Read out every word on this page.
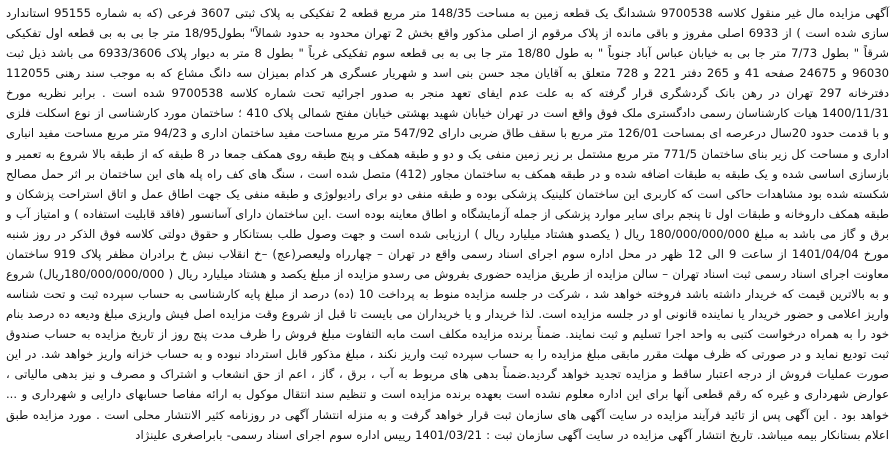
آگهی مزایده مال غیر منقول کلاسه 9700538 ششدانگ یک قطعه زمین به مساحت 148/35 متر مربع قطعه 2 تفکیکی به پلاک ثبتی 3607 فرعی (که به شماره 95155 استاندارد سازی شده است ) از 6933 اصلی مفروز و باقی مانده از پلاک مرقوم از اصلی مذکور واقع بخش 2 تهران محدود به حدود شمالاً" بطول18/95 متر جا بی به بی قطعه اول تفکیکی شرقاً " بطول 7/73 متر جا بی به خیابان عباس آباد جنوباً " به طول 18/80 متر جا بی به بی قطعه سوم تفکیکی غرباً " بطول 8 متر به دیوار پلاک 6933/3606 می باشد ذیل ثبت 96030 و 24675 صفحه 41 و 265 دفتر 221 و 728 متعلق به آقایان مجد حسن بنی اسد و شهریار عسگری هر کدام بمیزان سه دانگ مشاع که به موجب سند رهنی 112055 دفترخانه 297 تهران در رهن بانک گردشگری قرار گرفته که به علت عدم ایفای تعهد منجر به صدور اجرائیه تحت شماره کلاسه 9700538 شده است . برابر نظریه مورخ 1400/11/31 هیات کارشناسان رسمی دادگستری ملک فوق واقع است در تهران خیابان شهید بهشتی خیابان مفتح شمالی پلاک 410 ؛ ساختمان مورد کارشناسی از نوع اسکلت فلزی و با قدمت حدود 20سال درعرصه ای بمساحت 126/01 متر مربع با سقف طاق ضربی دارای 547/92 متر مربع مساحت مفید ساختمان اداری و 94/23 متر مربع مساحت مفید انباری اداری و مساحت کل زیر بنای ساختمان 771/5 متر مربع مشتمل بر زیر زمین منفی یک و دو و طبقه همکف و پنج طبقه روی همکف جمعا در 8 طبقه که از طبقه بالا شروع به تعمیر و بازسازی اساسی شده و یک طبقه به طبقات اضافه شده و در طبقه همکف به ساختمان مجاور (412) متصل شده است ، سنگ های کف راه پله های این ساختمان بر اثر حمل مصالح شکسته شده بود مشاهدات حاکی است که کاربری این ساختمان کلینیک پزشکی بوده و طبقه منفی دو برای رادیولوژی و طبقه منفی یک جهت اطاق عمل و اتاق استراحت پزشکان و طبقه همکف داروخانه و طبقات اول تا پنجم برای سایر موارد پزشکی از جمله آزمایشگاه و اطاق معاینه بوده است .این ساختمان دارای آسانسور (فاقد قابلیت استفاده ) و امتیاز آب و برق و گاز می باشد به مبلغ 180/000/000/000 ریال ( یکصدو هشتاد میلیارد ریال ) ارزیابی شده است و جهت وصول طلب بستانکار و حقوق دولتی کلاسه فوق الذکر در روز شنبه مورخ 1401/04/04 از ساعت 9 الی 12 ظهر در محل اداره سوم اجرای اسناد رسمی واقع در تهران – چهارراه ولیعصر(عج) –خ انقلاب نبش خ برادران مظفر پلاک 919 ساختمان معاونت اجرای اسناد رسمی ثبت اسناد تهران – سالن مزایده از طریق مزایده حضوری بفروش می رسدو مزایده از مبلغ یکصد و هشتاد میلیارد ریال ( 180/000/000/000ریال) شروع و به بالاترین قیمت که خریدار داشته باشد فروخته خواهد شد ، شرکت در جلسه مزایده منوط به پرداخت 10 (ده) درصد از مبلغ پایه کارشناسی به حساب سپرده ثبت و تحت شناسه واریز اعلامی و حضور خریدار یا نماینده قانونی او در جلسه مزایده است. لذا خریدار و یا خریداران می بایست تا قبل از شروع وقت مزایده اصل فیش واریزی مبلغ ودیعه ده درصد بنام خود را به همراه درخواست کتبی به واحد اجرا تسلیم و ثبت نمایند. ضمناً برنده مزایده مکلف است مابه التفاوت مبلغ فروش را ظرف مدت پنج روز از تاریخ مزایده به حساب صندوق ثبت تودیع نماید و در صورتی که ظرف مهلت مقرر مابقی مبلغ مزایده را به حساب سپرده ثبت واریز نکند ، مبلغ مذکور قابل استرداد نبوده و به حساب خزانه واریز خواهد شد. در این صورت عملیات فروش از درجه اعتبار ساقط و مزایده تجدید خواهد گردید.ضمناً بدهی های مربوط به آب ، برق ، گاز ، اعم از حق انشعاب و اشتراک و مصرف و نیز بدهی مالیاتی ، عوارض شهرداری و غیره که رقم قطعی آنها برای این اداره معلوم نشده است بعهده برنده مزایده است و تنظیم سند انتقال موکول به ارائه مفاصا حسابهای دارایی و شهرداری و ... خواهد بود . این آگهی پس از تائید فرآیند مزایده در سایت آگهی های سازمان ثبت قرار خواهد گرفت و به منزله انتشار آگهی در روزنامه کثیر الانتشار محلی است . مورد مزایده طبق اعلام بستانکار بیمه میباشد. تاریخ انتشار آگهی مزایده در سایت آگهی سازمان ثبت : 1401/03/21 رییس اداره سوم اجرای اسناد رسمی- بابراصغری علینژاد
